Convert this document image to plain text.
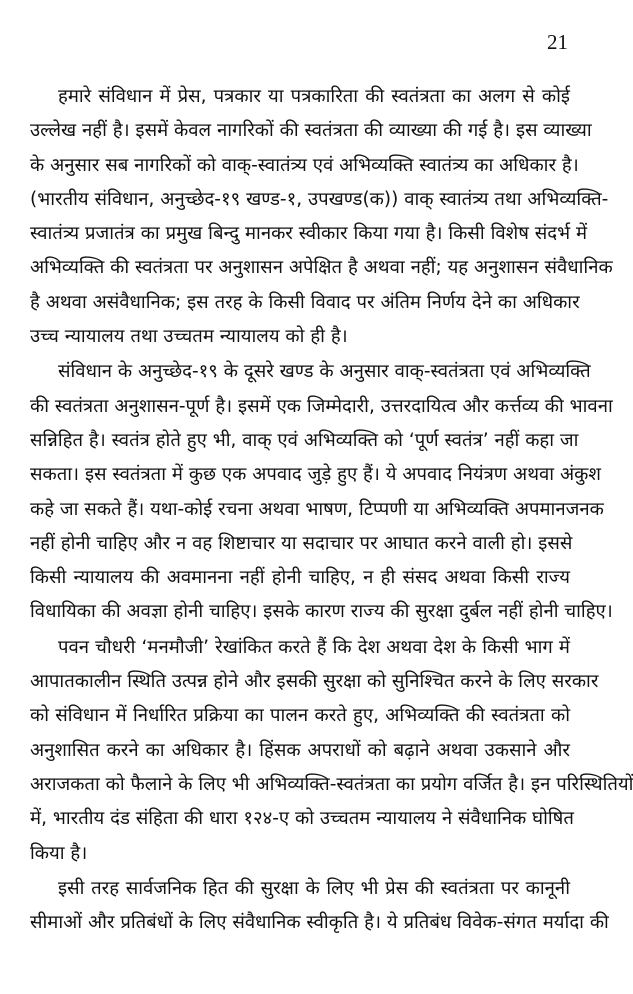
21
हमारे संविधान में प्रेस, पत्रकार या पत्रकारिता की स्वतंत्रता का अलग से कोई
उल्लेख नहीं है। इसमें केवल नागरिकों की स्वतंत्रता की व्याख्या की गई है। इस व्याख्या
के अनुसार सब नागरिकों को वाक्-स्वातंत्र्य एवं अभिव्यक्ति स्वातंत्र्य का अधिकार है।
(भारतीय संविधान, अनुच्छेद-१९ खण्ड-१, उपखण्ड(क)) वाक् स्वातंत्र्य तथा अभिव्यक्ति-
स्वातंत्र्य प्रजातंत्र का प्रमुख बिन्दु मानकर स्वीकार किया गया है। किसी विशेष संदर्भ में
अभिव्यक्ति की स्वतंत्रता पर अनुशासन अपेक्षित है अथवा नहीं; यह अनुशासन संवैधानिक
है अथवा असंवैधानिक; इस तरह के किसी विवाद पर अंतिम निर्णय देने का अधिकार
उच्च न्यायालय तथा उच्चतम न्यायालय को ही है।
संविधान के अनुच्छेद-१९ के दूसरे खण्ड के अनुसार वाक्-स्वतंत्रता एवं अभिव्यक्ति
की स्वतंत्रता अनुशासन-पूर्ण है। इसमें एक जिम्मेदारी, उत्तरदायित्व और कर्त्तव्य की भावना
सन्निहित है। स्वतंत्र होते हुए भी, वाक् एवं अभिव्यक्ति को ‘पूर्ण स्वतंत्र’ नहीं कहा जा
सकता। इस स्वतंत्रता में कुछ एक अपवाद जुड़े हुए हैं। ये अपवाद नियंत्रण अथवा अंकुश
कहे जा सकते हैं। यथा-कोई रचना अथवा भाषण, टिप्पणी या अभिव्यक्ति अपमानजनक
नहीं होनी चाहिए और न वह शिष्टाचार या सदाचार पर आघात करने वाली हो। इससे
किसी न्यायालय की अवमानना नहीं होनी चाहिए, न ही संसद अथवा किसी राज्य
विधायिका की अवज्ञा होनी चाहिए। इसके कारण राज्य की सुरक्षा दुर्बल नहीं होनी चाहिए।
पवन चौधरी ‘मनमौजी’ रेखांकित करते हैं कि देश अथवा देश के किसी भाग में
आपातकालीन स्थिति उत्पन्न होने और इसकी सुरक्षा को सुनिश्चित करने के लिए सरकार
को संविधान में निर्धारित प्रक्रिया का पालन करते हुए, अभिव्यक्ति की स्वतंत्रता को
अनुशासित करने का अधिकार है। हिंसक अपराधों को बढ़ाने अथवा उकसाने और
अराजकता को फैलाने के लिए भी अभिव्यक्ति-स्वतंत्रता का प्रयोग वर्जित है। इन परिस्थितियों
में, भारतीय दंड संहिता की धारा १२४-ए को उच्चतम न्यायालय ने संवैधानिक घोषित
किया है।
इसी तरह सार्वजनिक हित की सुरक्षा के लिए भी प्रेस की स्वतंत्रता पर कानूनी
सीमाओं और प्रतिबंधों के लिए संवैधानिक स्वीकृति है। ये प्रतिबंध विवेक-संगत मर्यादा की
